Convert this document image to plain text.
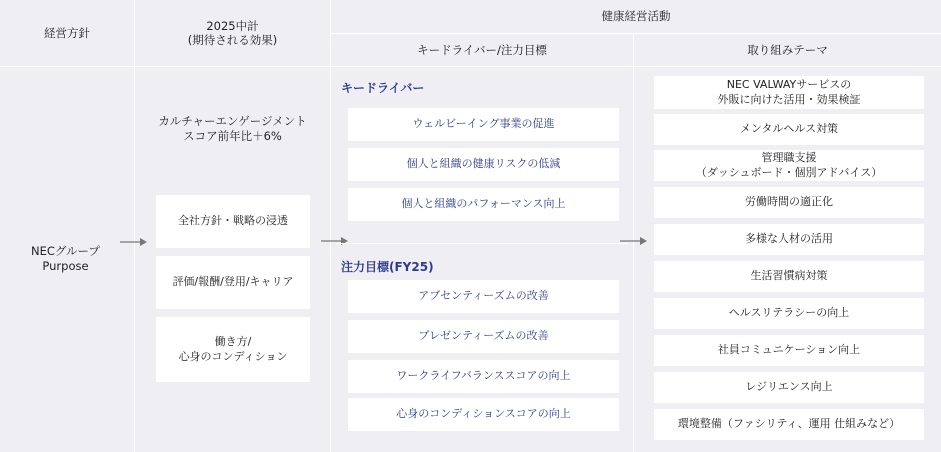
経営方針
2025中計
(期待される効果)
健康経営活動
キードライバー/注力目標	取り組みテーマ
NECグループ
Purpose
カルチャーエンゲージメント
スコア前年比＋6%
全社方針・戦略の浸透
評価/報酬/登用/キャリア
働き方/
心身のコンディション
キードライバー
ウェルビーイング事業の促進
個人と組織の健康リスクの低減
個人と組織のパフォーマンス向上
注力目標(FY25)
アブセンティーズムの改善
プレゼンティーズムの改善
ワークライフバランススコアの向上
心身のコンディションスコアの向上
NEC VALWAYサービスの
外販に向けた活用・効果検証
メンタルヘルス対策
管理職支援
（ダッシュボード・個別アドバイス）
労働時間の適正化
多様な人材の活用
生活習慣病対策
ヘルスリテラシーの向上
社員コミュニケーション向上
レジリエンス向上
環境整備（ファシリティ、運用 仕組みなど）
